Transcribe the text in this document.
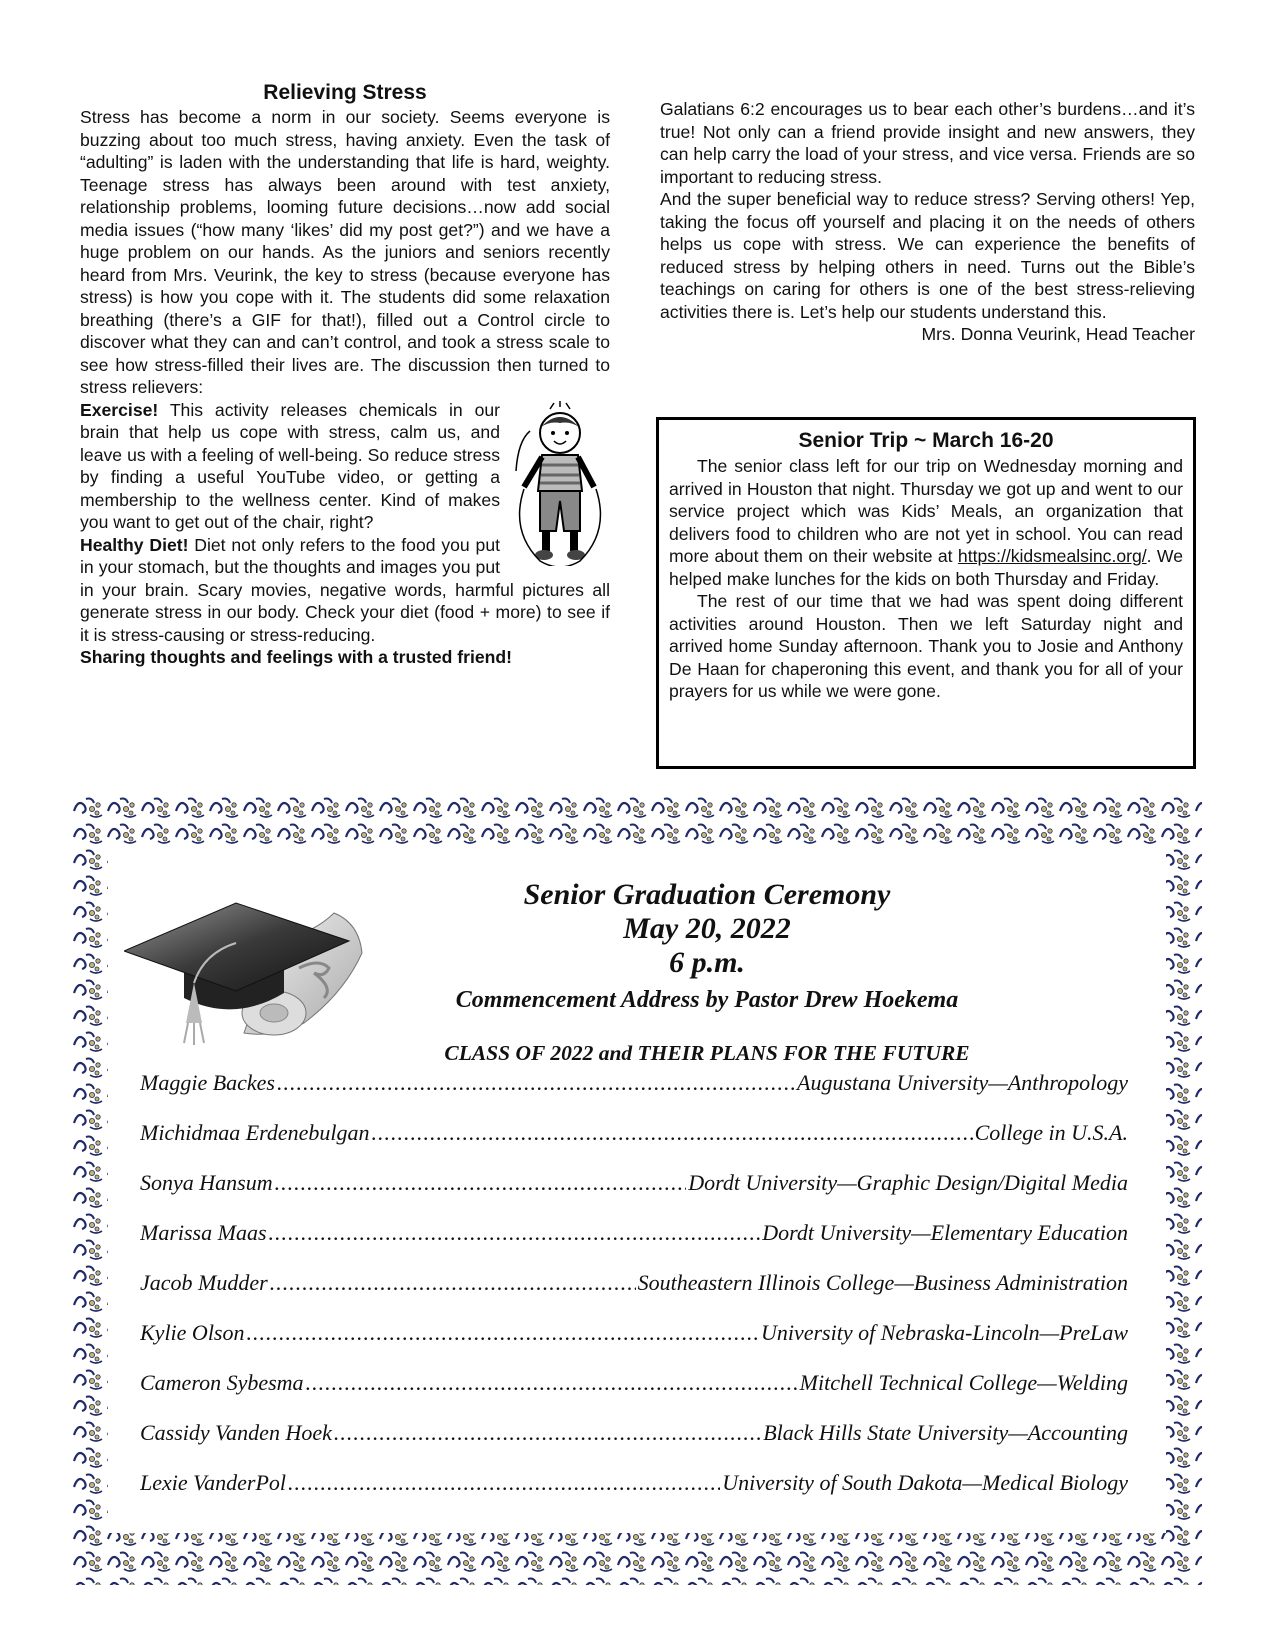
Relieving Stress

Stress has become a norm in our society. Seems everyone is buzzing about too much stress, having anxiety. Even the task of “adulting” is laden with the understanding that life is hard, weighty. Teenage stress has always been around with test anxiety, relationship problems, looming future decisions…now add social media issues (“how many ‘likes’ did my post get?”) and we have a huge problem on our hands. As the juniors and seniors recently heard from Mrs. Veurink, the key to stress (because everyone has stress) is how you cope with it. The students did some relaxation breathing (there’s a GIF for that!), filled out a Control circle to discover what they can and can’t control, and took a stress scale to see how stress-filled their lives are. The discussion then turned to stress relievers:

Exercise! This activity releases chemicals in our brain that help us cope with stress, calm us, and leave us with a feeling of well-being. So reduce stress by finding a useful YouTube video, or getting a membership to the wellness center. Kind of makes you want to get out of the chair, right?

Healthy Diet! Diet not only refers to the food you put in your stomach, but the thoughts and images you put in your brain. Scary movies, negative words, harmful pictures all generate stress in our body. Check your diet (food + more) to see if it is stress-causing or stress-reducing.

Sharing thoughts and feelings with a trusted friend!

Galatians 6:2 encourages us to bear each other’s burdens…and it’s true! Not only can a friend provide insight and new answers, they can help carry the load of your stress, and vice versa. Friends are so important to reducing stress.

And the super beneficial way to reduce stress? Serving others! Yep, taking the focus off yourself and placing it on the needs of others helps us cope with stress. We can experience the benefits of reduced stress by helping others in need. Turns out the Bible’s teachings on caring for others is one of the best stress-relieving activities there is. Let’s help our students understand this.

Mrs. Donna Veurink, Head Teacher

Senior Trip ~ March 16-20

The senior class left for our trip on Wednesday morning and arrived in Houston that night. Thursday we got up and went to our service project which was Kids’ Meals, an organization that delivers food to children who are not yet in school. You can read more about them on their website at https://kidsmealsinc.org/. We helped make lunches for the kids on both Thursday and Friday.

The rest of our time that we had was spent doing different activities around Houston. Then we left Saturday night and arrived home Sunday afternoon. Thank you to Josie and Anthony De Haan for chaperoning this event, and thank you for all of your prayers for us while we were gone.

Senior Graduation Ceremony

May 20, 2022

6 p.m.

Commencement Address by Pastor Drew Hoekema

CLASS OF 2022 and THEIR PLANS FOR THE FUTURE

Maggie Backes .....	Augustana University—Anthropology
Michidmaa Erdenebulgan .....	College in U.S.A.
Sonya Hansum .....	Dordt University—Graphic Design/Digital Media
Marissa Maas .....	Dordt University—Elementary Education
Jacob Mudder .....	Southeastern Illinois College—Business Administration
Kylie Olson .....	University of Nebraska-Lincoln—PreLaw
Cameron Sybesma .....	Mitchell Technical College—Welding
Cassidy Vanden Hoek .....	Black Hills State University—Accounting
Lexie VanderPol .....	University of South Dakota—Medical Biology
